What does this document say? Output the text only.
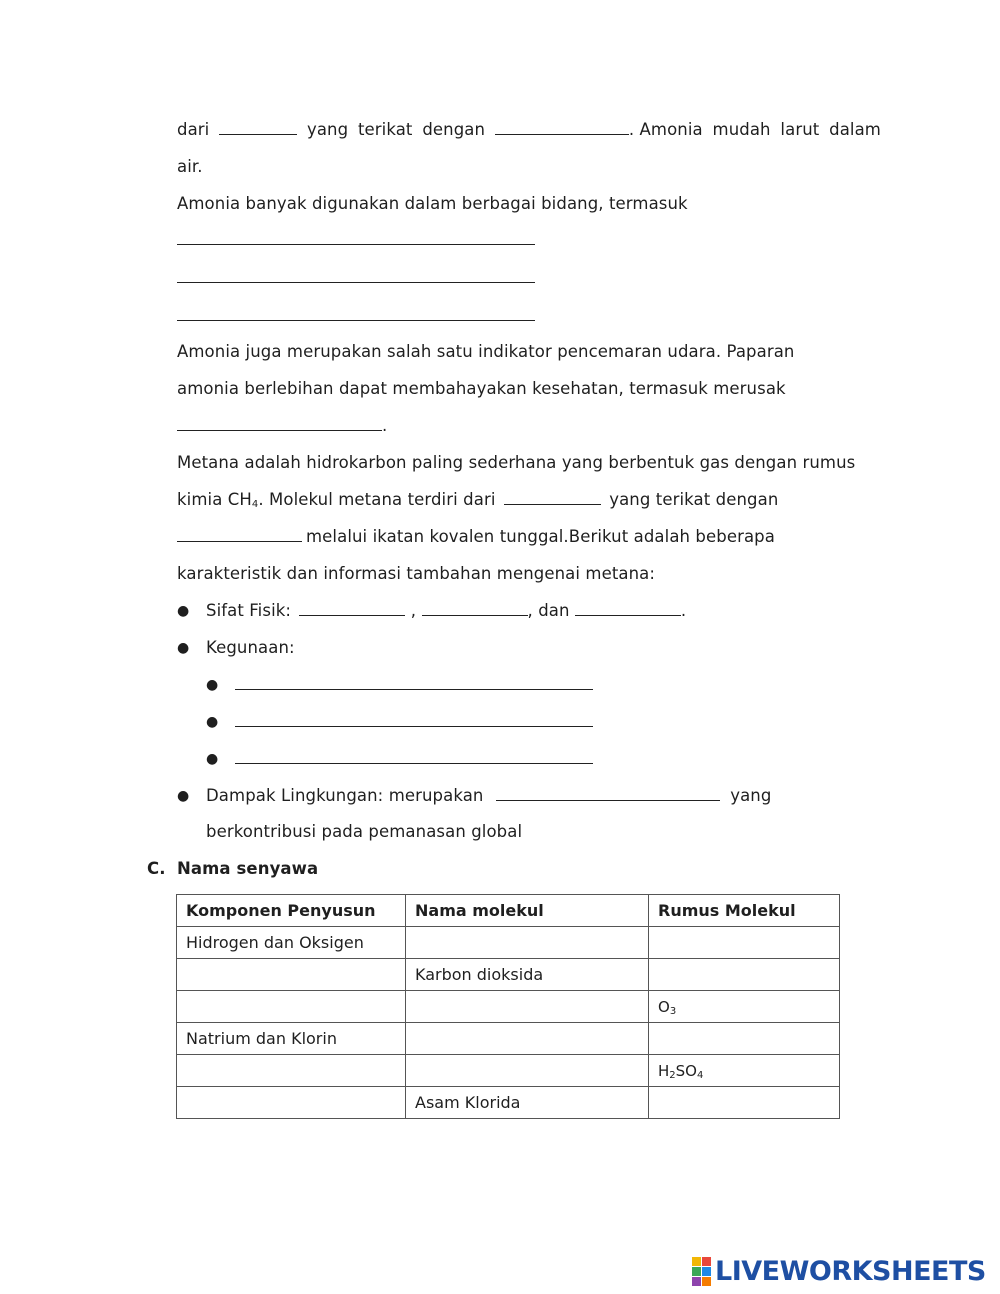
dari	yang terikat dengan	. Amonia mudah larut dalam
air.
Amonia banyak digunakan dalam berbagai bidang, termasuk
Amonia juga merupakan salah satu indikator pencemaran udara. Paparan
amonia berlebihan dapat membahayakan kesehatan, termasuk merusak
.
Metana adalah hidrokarbon paling sederhana yang berbentuk gas dengan rumus
kimia $CH_4$. Molekul metana terdiri dari	yang terikat dengan
melalui ikatan kovalen tunggal.Berikut adalah beberapa
karakteristik dan informasi tambahan mengenai metana:
● Sifat Fisik:	,	, dan	.
● Kegunaan:
●
●
●
● Dampak Lingkungan: merupakan	yang
berkontribusi pada pemanasan global
C. Nama senyawa
Komponen Penyusun	Nama molekul	Rumus Molekul
Hidrogen dan Oksigen		
	Karbon dioksida	
		$O_3$
Natrium dan Klorin		
		$H_2SO_4$
	Asam Klorida	
LIVEWORKSHEETS
